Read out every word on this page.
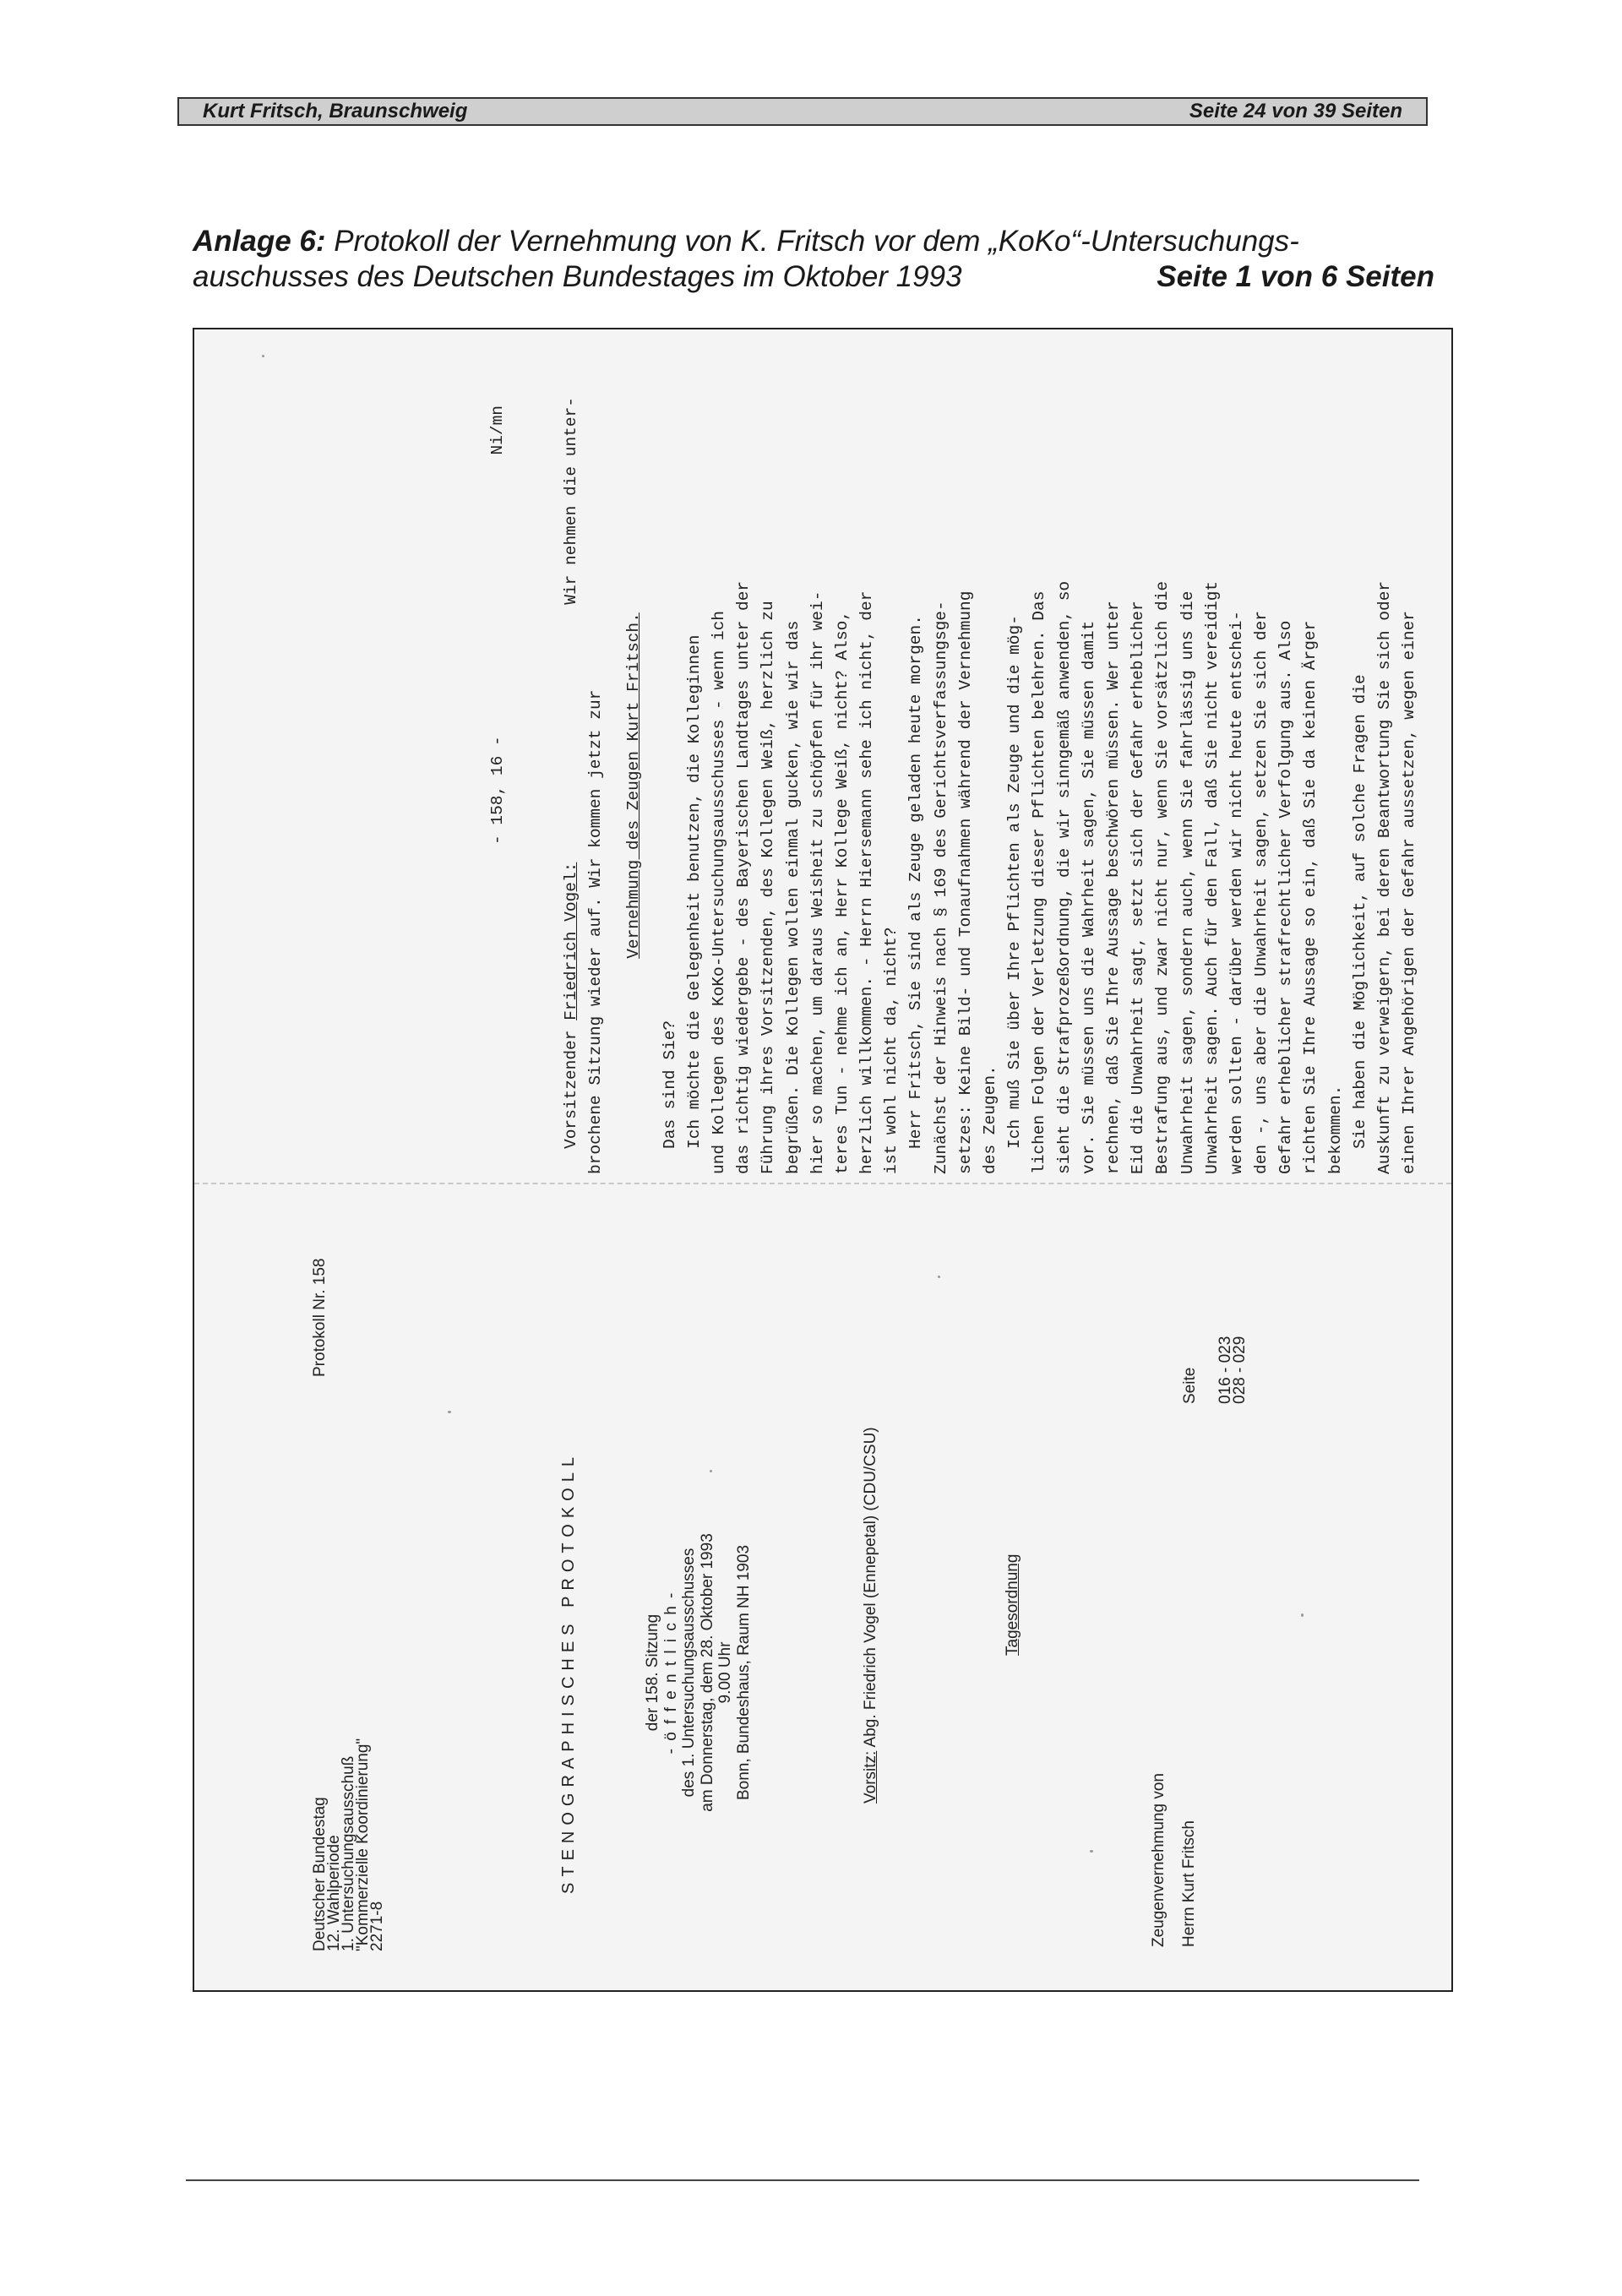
Kurt Fritsch, Braunschweig	Seite 24 von 39 Seiten
Anlage 6: Protokoll der Vernehmung von K. Fritsch vor dem „KoKo“-Untersuchungs-
auschusses des Deutschen Bundestages im Oktober 1993	Seite 1 von 6 Seiten
Deutscher Bundestag
12. Wahlperiode
1. Untersuchungsausschuß
"Kommerzielle Koordinierung"
2271-8
Protokoll Nr. 158
STENOGRAPHISCHES PROTOKOLL	der 158. Sitzung - ö f f e n t l i c h - des 1. Untersuchungsausschusses am Donnerstag, dem 28. Oktober 1993 9.00 Uhr Bonn, Bundeshaus, Raum NH 1903	Vorsitz: Abg. Friedrich Vogel (Ennepetal) (CDU/CSU)	Tagesordnung
Zeugenvernehmung von Herrn Kurt Fritsch
Seite 016 - 023
028 - 029
- 158, 16 -
Ni/mn
Vorsitzender Friedrich Vogel:
Wir nehmen die unter-
brochene Sitzung wieder auf. Wir kommen jetzt zur	Vernehmung des Zeugen Kurt Fritsch.
Das sind Sie? Ich möchte die Gelegenheit benutzen, die Kolleginnen und Kollegen des KoKo-Untersuchungsausschusses - wenn ich das richtig wiedergebe - des Bayerischen Landtages unter der Führung ihres Vorsitzenden, des Kollegen Weiß, herzlich zu begrüßen. Die Kollegen wollen einmal gucken, wie wir das hier so machen, um daraus Weisheit zu schöpfen für ihr wei- teres Tun - nehme ich an, Herr Kollege Weiß, nicht? Also, herzlich willkommen. - Herrn Hiersemann sehe ich nicht, der ist wohl nicht da, nicht? Herr Fritsch, Sie sind als Zeuge geladen heute morgen. Zunächst der Hinweis nach § 169 des Gerichtsverfassungsge- setzes: Keine Bild- und Tonaufnahmen während der Vernehmung des Zeugen. Ich muß Sie über Ihre Pflichten als Zeuge und die mög- lichen Folgen der Verletzung dieser Pflichten belehren. Das sieht die Strafprozeßordnung, die wir sinngemäß anwenden, so vor. Sie müssen uns die Wahrheit sagen, Sie müssen damit rechnen, daß Sie Ihre Aussage beschwören müssen. Wer unter Eid die Unwahrheit sagt, setzt sich der Gefahr erheblicher Bestrafung aus, und zwar nicht nur, wenn Sie vorsätzlich die Unwahrheit sagen, sondern auch, wenn Sie fahrlässig uns die Unwahrheit sagen. Auch für den Fall, daß Sie nicht vereidigt werden sollten - darüber werden wir nicht heute entschei- den -, uns aber die Unwahrheit sagen, setzen Sie sich der Gefahr erheblicher strafrechtlicher Verfolgung aus. Also richten Sie Ihre Aussage so ein, daß Sie da keinen Ärger bekommen. Sie haben die Möglichkeit, auf solche Fragen die Auskunft zu verweigern, bei deren Beantwortung Sie sich oder einen Ihrer Angehörigen der Gefahr aussetzen, wegen einer
